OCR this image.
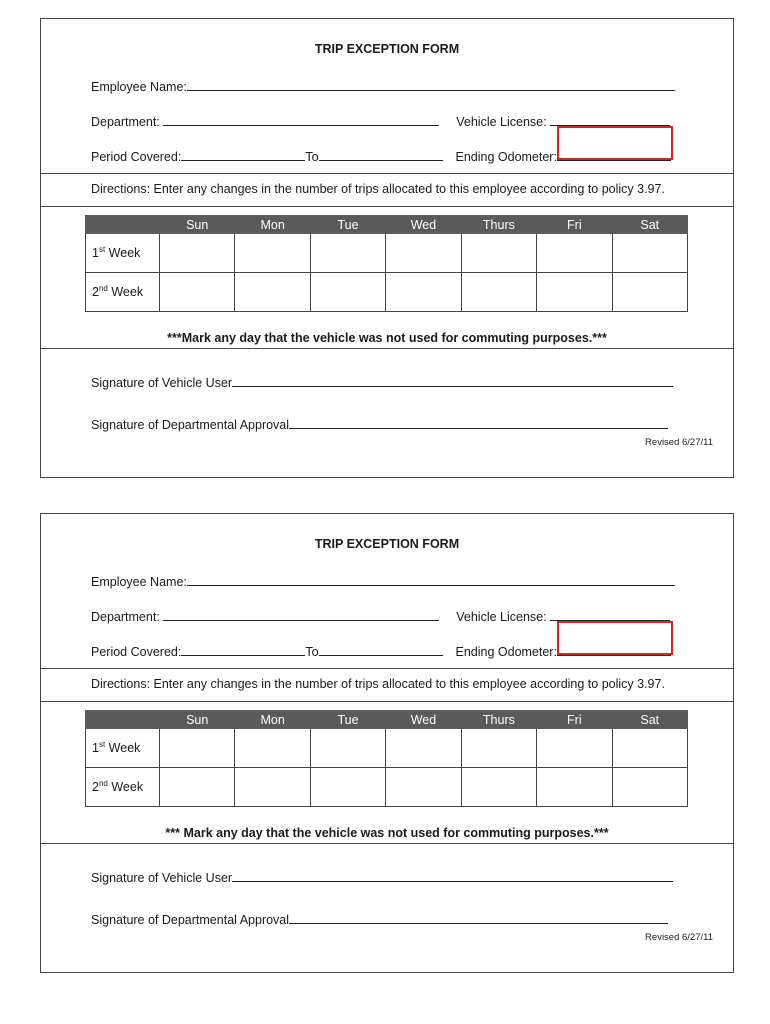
TRIP EXCEPTION FORM
Employee Name:
Department:	Vehicle License:
Period Covered:	To	Ending Odometer:
Directions: Enter any changes in the number of trips allocated to this employee according to policy 3.97.
	Sun	Mon	Tue	Wed	Thurs	Fri	Sat
1st Week							
2nd Week							
***Mark any day that the vehicle was not used for commuting purposes.***
Signature of Vehicle User
Signature of Departmental Approval
Revised 6/27/11
TRIP EXCEPTION FORM
Employee Name:
Department:	Vehicle License:
Period Covered:	To	Ending Odometer:
Directions: Enter any changes in the number of trips allocated to this employee according to policy 3.97.
	Sun	Mon	Tue	Wed	Thurs	Fri	Sat
1st Week							
2nd Week							
*** Mark any day that the vehicle was not used for commuting purposes.***
Signature of Vehicle User
Signature of Departmental Approval
Revised 6/27/11
